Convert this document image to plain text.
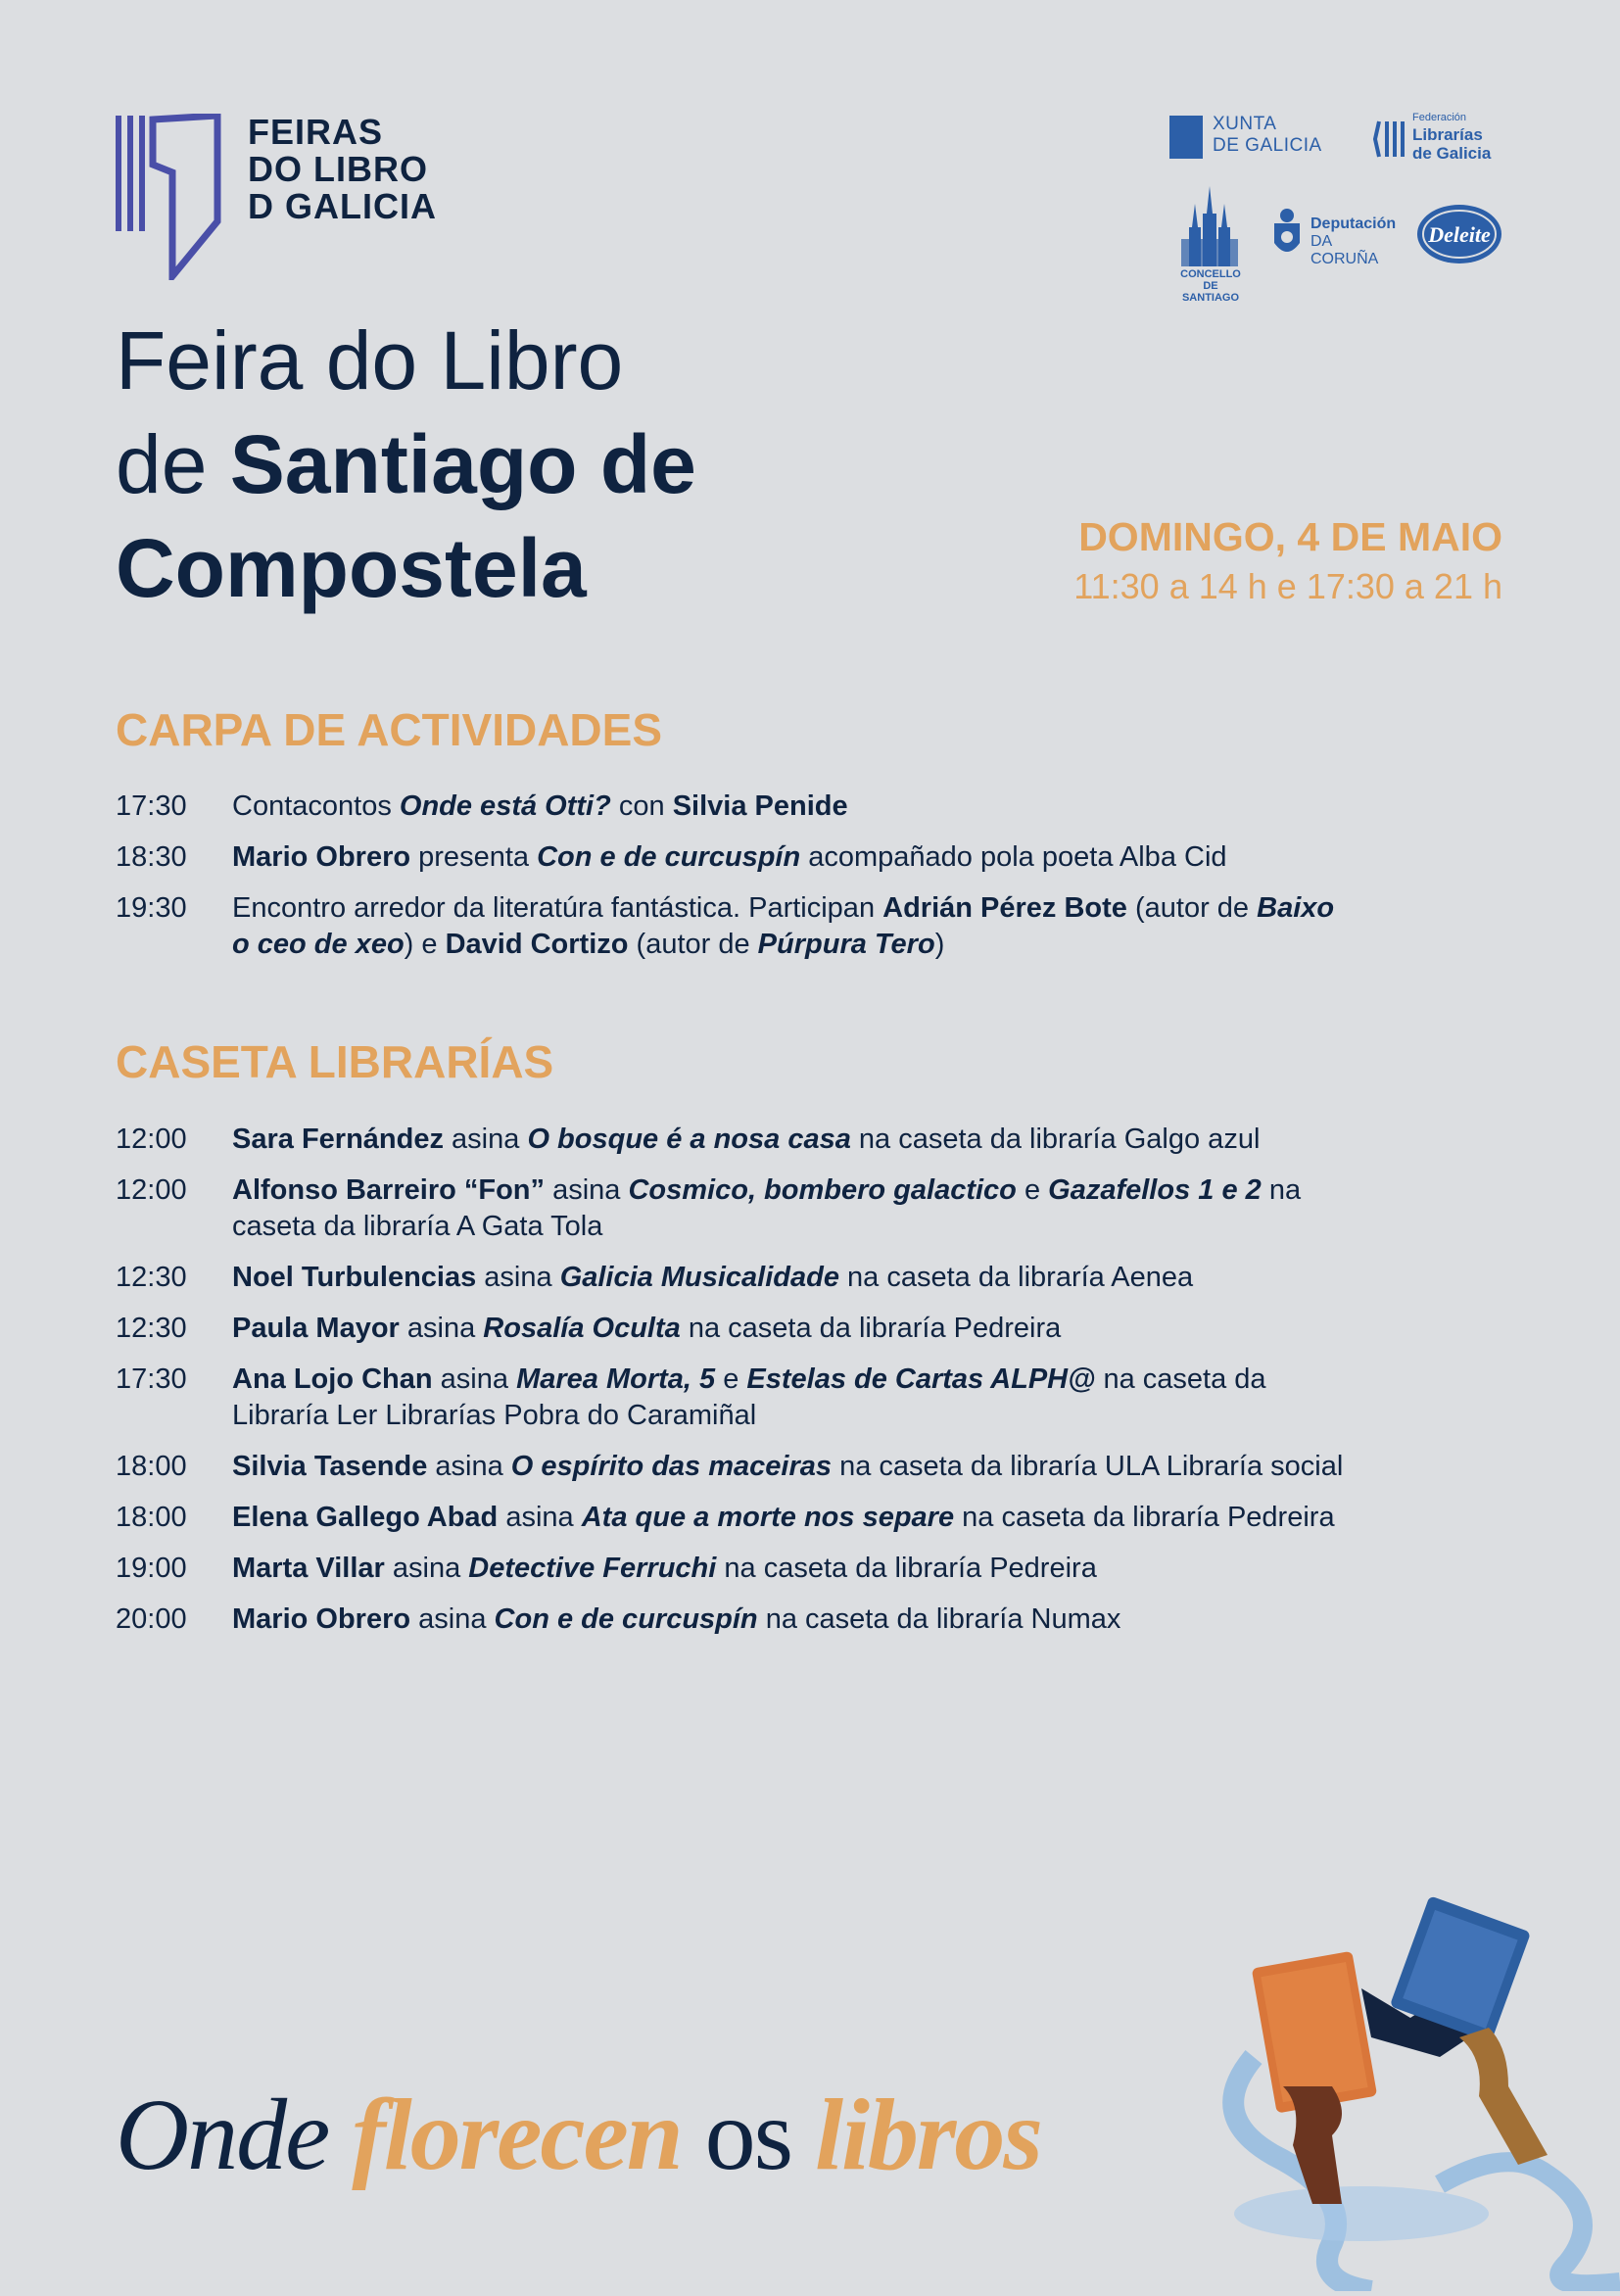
FEIRAS
DO LIBRO
D GALICIA
XUNTA
DE GALICIA
Federación
Librarías
de Galicia
CONCELLO DE
SANTIAGO
Deputación
DA CORUÑA
Deleite
Feira do Libro
de Santiago de
Compostela	DOMINGO, 4 DE MAIO
11:30 a 14 h e 17:30 a 21 h
CARPA DE ACTIVIDADES
17:30	Contacontos Onde está Otti? con Silvia Penide
18:30	Mario Obrero presenta Con e de curcuspín acompañado pola poeta Alba Cid
19:30	Encontro arredor da literatúra fantástica. Participan Adrián Pérez Bote (autor de Baixo o ceo de xeo) e David Cortizo (autor de Púrpura Tero)
CASETA LIBRARÍAS
12:00	Sara Fernández asina O bosque é a nosa casa na caseta da libraría Galgo azul
12:00	Alfonso Barreiro “Fon” asina Cosmico, bombero galactico e Gazafellos 1 e 2 na caseta da libraría A Gata Tola
12:30	Noel Turbulencias asina Galicia Musicalidade na caseta da libraría Aenea
12:30	Paula Mayor asina Rosalía Oculta na caseta da libraría Pedreira
17:30	Ana Lojo Chan asina Marea Morta, 5 e Estelas de Cartas ALPH@ na caseta da Libraría Ler Librarías Pobra do Caramiñal
18:00	Silvia Tasende asina O espírito das maceiras na caseta da libraría ULA Libraría social
18:00	Elena Gallego Abad asina Ata que a morte nos separe na caseta da libraría Pedreira
19:00	Marta Villar asina Detective Ferruchi na caseta da libraría Pedreira
20:00	Mario Obrero asina Con e de curcuspín na caseta da libraría Numax
Onde florecen os libros
